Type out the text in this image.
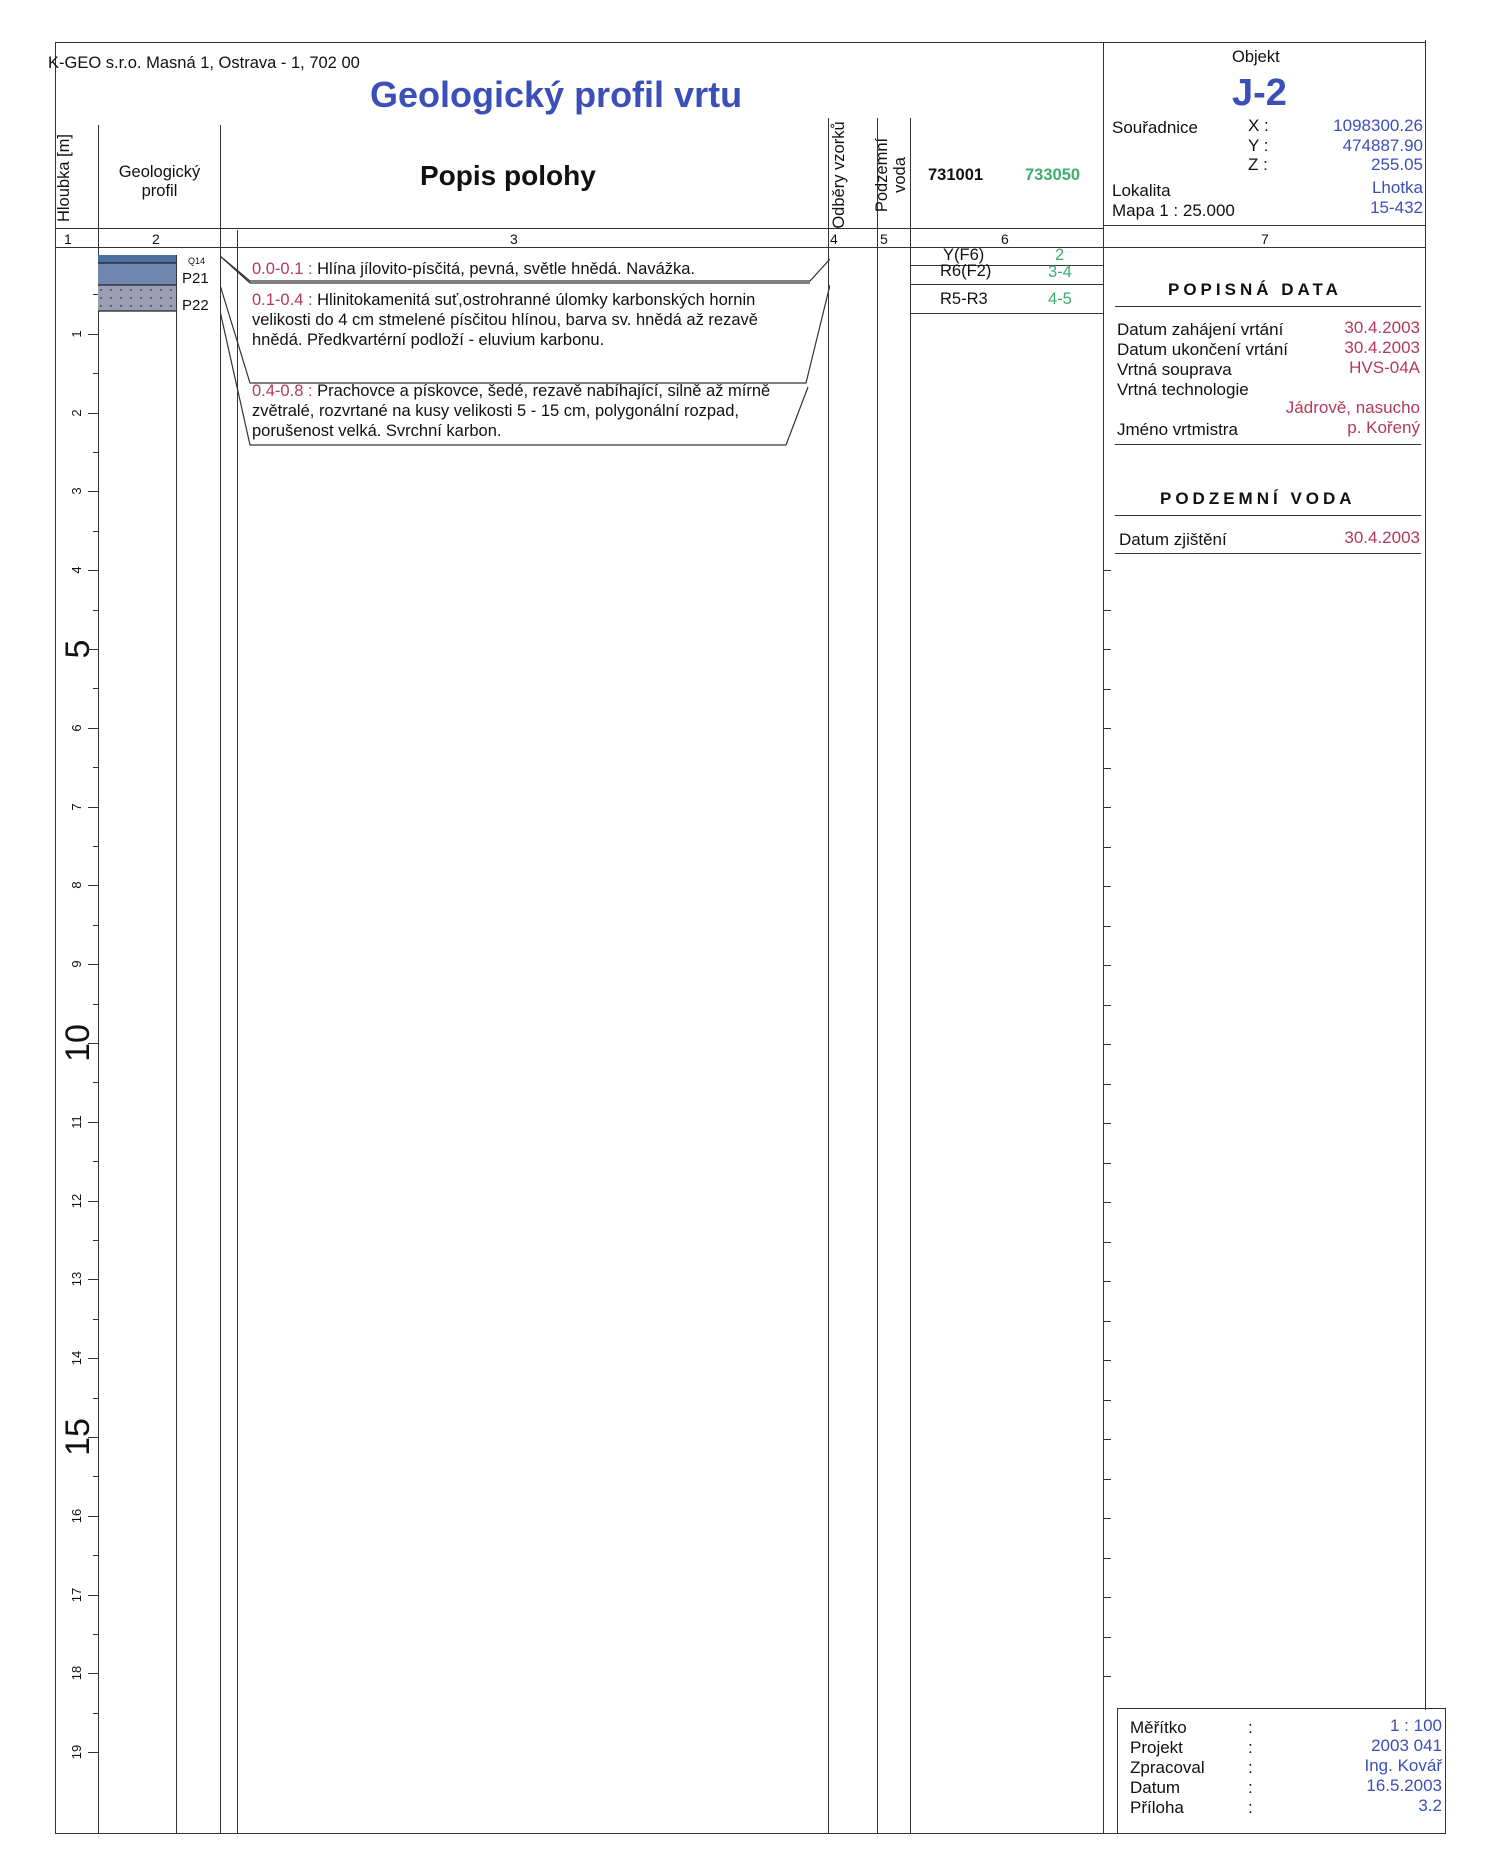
K-GEO s.r.o. Masná 1, Ostrava - 1, 702 00
Geologický profil vrtu
Objekt
J-2
Hloubka [m]	Geologický profil	Popis polohy	Odběry vzorků	Podzemní voda 731001	733050
1	2	3	4	5	6	7
Souřadnice	X :	1098300.26
Y :	474887.90
Z :	255.05
Lokalita	Lhotka
Mapa 1 : 25.000	15-432
1
2
3
4
5
6
7
8
9
10
11
12
13
14
15
16
17
18
19
Q14
P21
P22
0.0-0.1 : Hlína jílovito-písčitá, pevná, světle hnědá. Navážka.
0.1-0.4 : Hlinitokamenitá suť,ostrohranné úlomky karbonských hornin velikosti do 4 cm stmelené písčitou hlínou, barva sv. hnědá až rezavě hnědá. Předkvartérní podloží - eluvium karbonu.
0.4-0.8 : Prachovce a pískovce, šedé, rezavě nabíhající, silně až mírně zvětralé, rozvrtané na kusy velikosti 5 - 15 cm, polygonální rozpad, porušenost velká. Svrchní karbon.
Y(F6)	2
R6(F2)	3-4
R5-R3	4-5	POPISNÁ DATA
Datum zahájení vrtání	30.4.2003
Datum ukončení vrtání	30.4.2003
Vrtná souprava	HVS-04A
Vrtná technologie
Jádrově, nasucho
Jméno vrtmistra	p. Kořený
PODZEMNÍ VODA
Datum zjištění	30.4.2003
Měřítko	:	1 : 100
Projekt	:	2003 041
Zpracoval	:	Ing. Kovář
Datum	:	16.5.2003
Příloha	:	3.2
